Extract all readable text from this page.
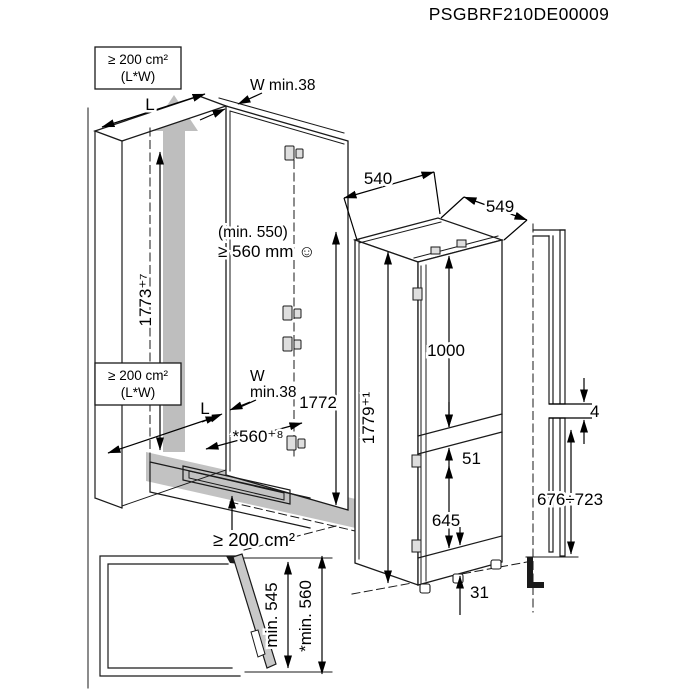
PSGBRF210DE00009
≥ 200 cm²
(L*W)
L
W min.38
1773⁺⁷
≥ 200 cm²
(L*W)
W
min.38
L
(min. 550)
≥ 560 mm ☺
*560⁺⁸
1772 1779⁺¹
540
549
1000
51
645
31
4
676÷723
≥ 200 cm²
min. 545 *min. 560
